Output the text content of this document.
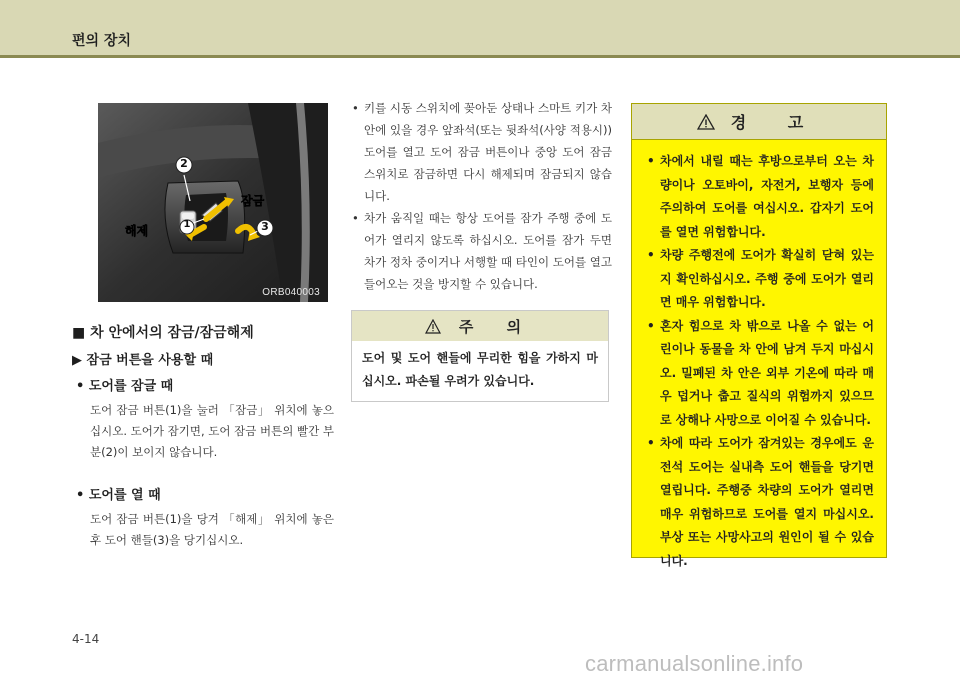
편의 장치
2
1	3
해제
잠금
ORB040003
■ 차 안에서의 잠금/잠금해제
▶ 잠금 버튼을 사용할 때
• 도어를 잠글 때
도어 잠금 버튼(1)을 눌러 「잠금」 위치에 놓으십시오. 도어가 잠기면, 도어 잠금 버튼의 빨간 부분(2)이 보이지 않습니다.
• 도어를 열 때
도어 잠금 버튼(1)을 당겨 「해제」 위치에 놓은 후 도어 핸들(3)을 당기십시오.
• 키를 시동 스위치에 꽂아둔 상태나 스마트 키가 차 안에 있을 경우 앞좌석(또는 뒷좌석(사양 적용시)) 도어를 열고 도어 잠금 버튼이나 중앙 도어 잠금 스위치로 잠금하면 다시 해제되며 잠금되지 않습니다.
• 차가 움직일 때는 항상 도어를 잠가 주행 중에 도어가 열리지 않도록 하십시오. 도어를 잠가 두면 차가 정차 중이거나 서행할 때 타인이 도어를 열고 들어오는 것을 방지할 수 있습니다.
주 의
도어 및 도어 핸들에 무리한 힘을 가하지 마십시오. 파손될 우려가 있습니다.
경 고
• 차에서 내릴 때는 후방으로부터 오는 차량이나 오토바이, 자전거, 보행자 등에 주의하여 도어를 여십시오. 갑자기 도어를 열면 위험합니다.
• 차량 주행전에 도어가 확실히 닫혀 있는지 확인하십시오. 주행 중에 도어가 열리면 매우 위험합니다.
• 혼자 힘으로 차 밖으로 나올 수 없는 어린이나 동물을 차 안에 남겨 두지 마십시오. 밀폐된 차 안은 외부 기온에 따라 매우 덥거나 춥고 질식의 위험까지 있으므로 상해나 사망으로 이어질 수 있습니다.
• 차에 따라 도어가 잠겨있는 경우에도 운전석 도어는 실내측 도어 핸들을 당기면 열립니다. 주행중 차량의 도어가 열리면 매우 위험하므로 도어를 열지 마십시오. 부상 또는 사망사고의 원인이 될 수 있습니다.
4-14
carmanualsonline.info
